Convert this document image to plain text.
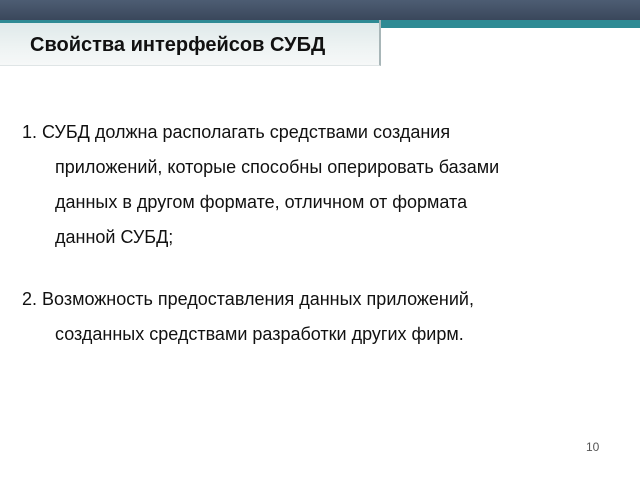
Свойства интерфейсов СУБД
1. СУБД должна располагать средствами создания
приложений, которые способны оперировать базами
данных в другом формате, отличном от формата
данной СУБД;
2. Возможность предоставления данных приложений,
созданных средствами разработки других фирм.
10
